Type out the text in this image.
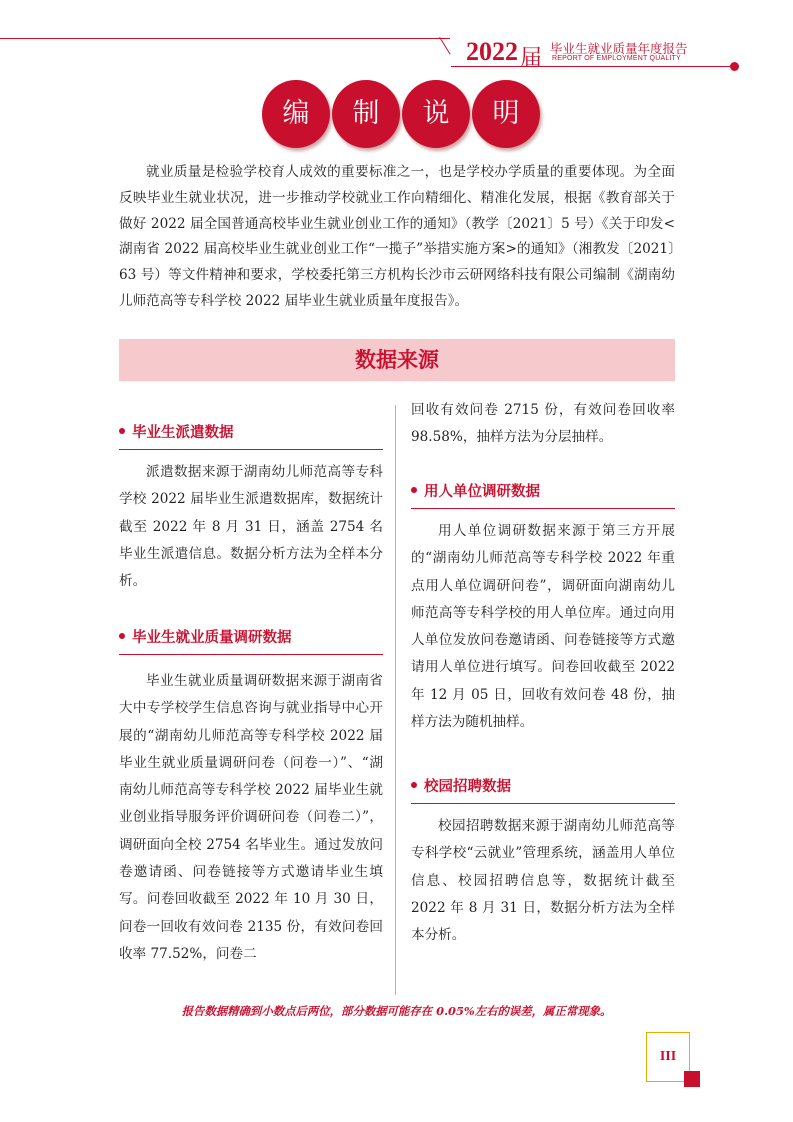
2022 届 毕业生就业质量年度报告
REPORT OF EMPLOYMENT QUALITY
编	制	说	明

就业质量是检验学校育人成效的重要标准之一，也是学校办学质量的重要体现。为全面反映毕业生就业状况，进一步推动学校就业工作向精细化、精准化发展，根据《教育部关于做好 2022 届全国普通高校毕业生就业创业工作的通知》（教学〔2021〕5 号）《关于印发<湖南省 2022 届高校毕业生就业创业工作“一揽子”举措实施方案>的通知》（湘教发〔2021〕63 号）等文件精神和要求，学校委托第三方机构长沙市云研网络科技有限公司编制《湖南幼儿师范高等专科学校 2022 届毕业生就业质量年度报告》。

数据来源
毕业生派遣数据

派遣数据来源于湖南幼儿师范高等专科学校 2022 届毕业生派遣数据库，数据统计截至 2022 年 8 月 31 日，涵盖 2754 名毕业生派遣信息。数据分析方法为全样本分析。

毕业生就业质量调研数据

毕业生就业质量调研数据来源于湖南省大中专学校学生信息咨询与就业指导中心开展的“湖南幼儿师范高等专科学校 2022 届毕业生就业质量调研问卷（问卷一）”、“湖南幼儿师范高等专科学校 2022 届毕业生就业创业指导服务评价调研问卷（问卷二）”，调研面向全校 2754 名毕业生。通过发放问卷邀请函、问卷链接等方式邀请毕业生填写。问卷回收截至 2022 年 10 月 30 日，问卷一回收有效问卷 2135 份，有效问卷回收率 77.52%，问卷二

回收有效问卷 2715 份，有效问卷回收率 98.58%，抽样方法为分层抽样。

用人单位调研数据

用人单位调研数据来源于第三方开展的“湖南幼儿师范高等专科学校 2022 年重点用人单位调研问卷”，调研面向湖南幼儿师范高等专科学校的用人单位库。通过向用人单位发放问卷邀请函、问卷链接等方式邀请用人单位进行填写。问卷回收截至 2022 年 12 月 05 日，回收有效问卷 48 份，抽样方法为随机抽样。

校园招聘数据

校园招聘数据来源于湖南幼儿师范高等专科学校“云就业”管理系统，涵盖用人单位信息、校园招聘信息等，数据统计截至 2022 年 8 月 31 日，数据分析方法为全样本分析。

报告数据精确到小数点后两位，部分数据可能存在 0.05%左右的误差，属正常现象。
III
